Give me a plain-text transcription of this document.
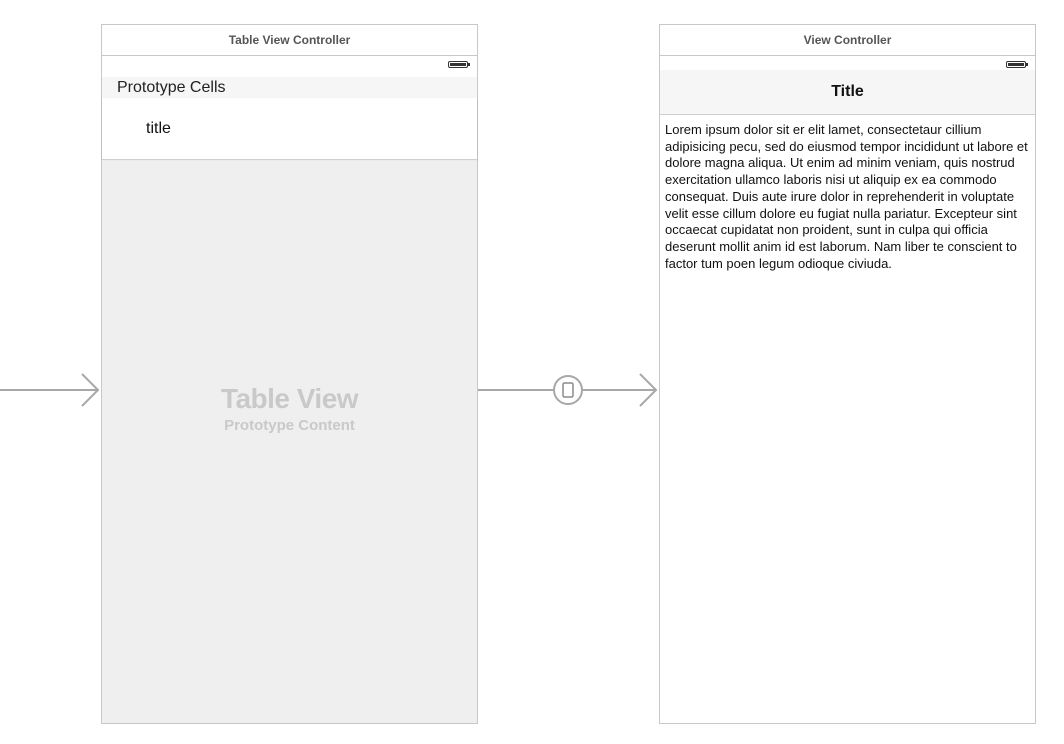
Table View Controller
Prototype Cells
title
Table View
Prototype Content
View Controller
Title
Lorem ipsum dolor sit er elit lamet, consectetaur cillium adipisicing pecu, sed do eiusmod tempor incididunt ut labore et dolore magna aliqua. Ut enim ad minim veniam, quis nostrud exercitation ullamco laboris nisi ut aliquip ex ea commodo consequat. Duis aute irure dolor in reprehenderit in voluptate velit esse cillum dolore eu fugiat nulla pariatur. Excepteur sint occaecat cupidatat non proident, sunt in culpa qui officia deserunt mollit anim id est laborum. Nam liber te conscient to factor tum poen legum odioque civiuda.
